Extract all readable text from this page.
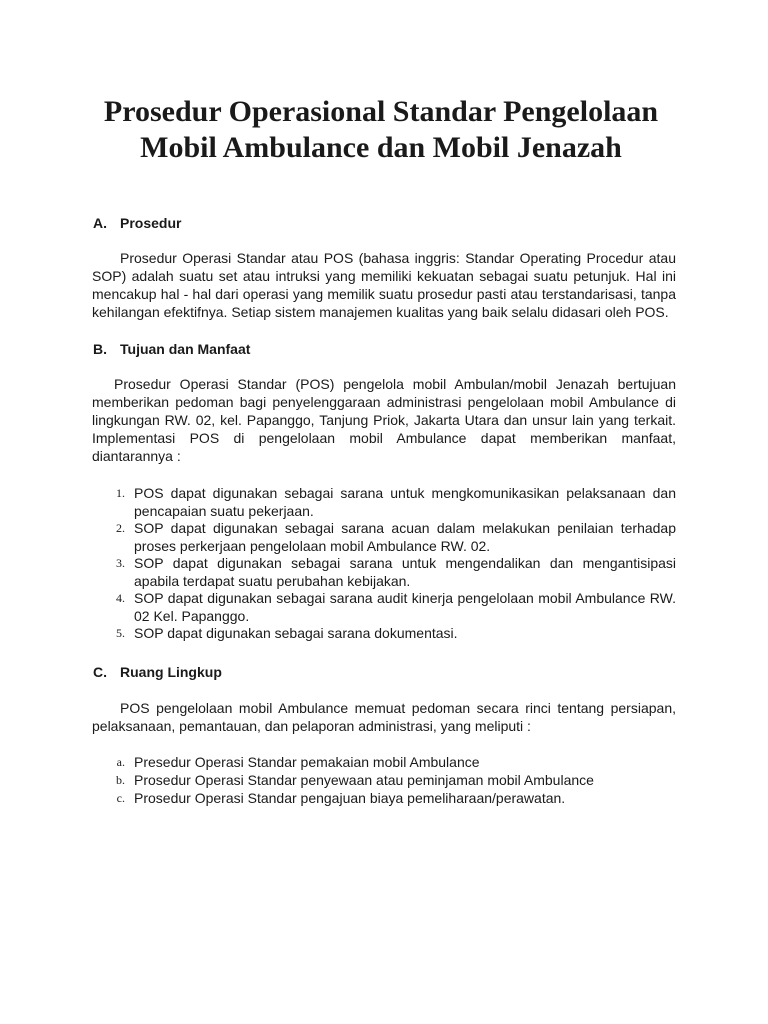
Prosedur Operasional Standar Pengelolaan
Mobil Ambulance dan Mobil Jenazah
A. Prosedur

Prosedur Operasi Standar atau POS (bahasa inggris: Standar Operating Procedur atau SOP) adalah suatu set atau intruksi yang memiliki kekuatan sebagai suatu petunjuk. Hal ini mencakup hal - hal dari operasi yang memilik suatu prosedur pasti atau terstandarisasi, tanpa kehilangan efektifnya. Setiap sistem manajemen kualitas yang baik selalu didasari oleh POS.

B. Tujuan dan Manfaat

Prosedur Operasi Standar (POS) pengelola mobil Ambulan/mobil Jenazah bertujuan memberikan pedoman bagi penyelenggaraan administrasi pengelolaan mobil Ambulance di lingkungan RW. 02, kel. Papanggo, Tanjung Priok, Jakarta Utara dan unsur lain yang terkait. Implementasi POS di pengelolaan mobil Ambulance dapat memberikan manfaat, diantarannya :

1. POS dapat digunakan sebagai sarana untuk mengkomunikasikan pelaksanaan dan pencapaian suatu pekerjaan.
2. SOP dapat digunakan sebagai sarana acuan dalam melakukan penilaian terhadap proses perkerjaan pengelolaan mobil Ambulance RW. 02.
3. SOP dapat digunakan sebagai sarana untuk mengendalikan dan mengantisipasi apabila terdapat suatu perubahan kebijakan.
4. SOP dapat digunakan sebagai sarana audit kinerja pengelolaan mobil Ambulance RW. 02 Kel. Papanggo.
5. SOP dapat digunakan sebagai sarana dokumentasi.
C. Ruang Lingkup

POS pengelolaan mobil Ambulance memuat pedoman secara rinci tentang persiapan, pelaksanaan, pemantauan, dan pelaporan administrasi, yang meliputi :

a. Presedur Operasi Standar pemakaian mobil Ambulance
b. Prosedur Operasi Standar penyewaan atau peminjaman mobil Ambulance
c. Prosedur Operasi Standar pengajuan biaya pemeliharaan/perawatan.
